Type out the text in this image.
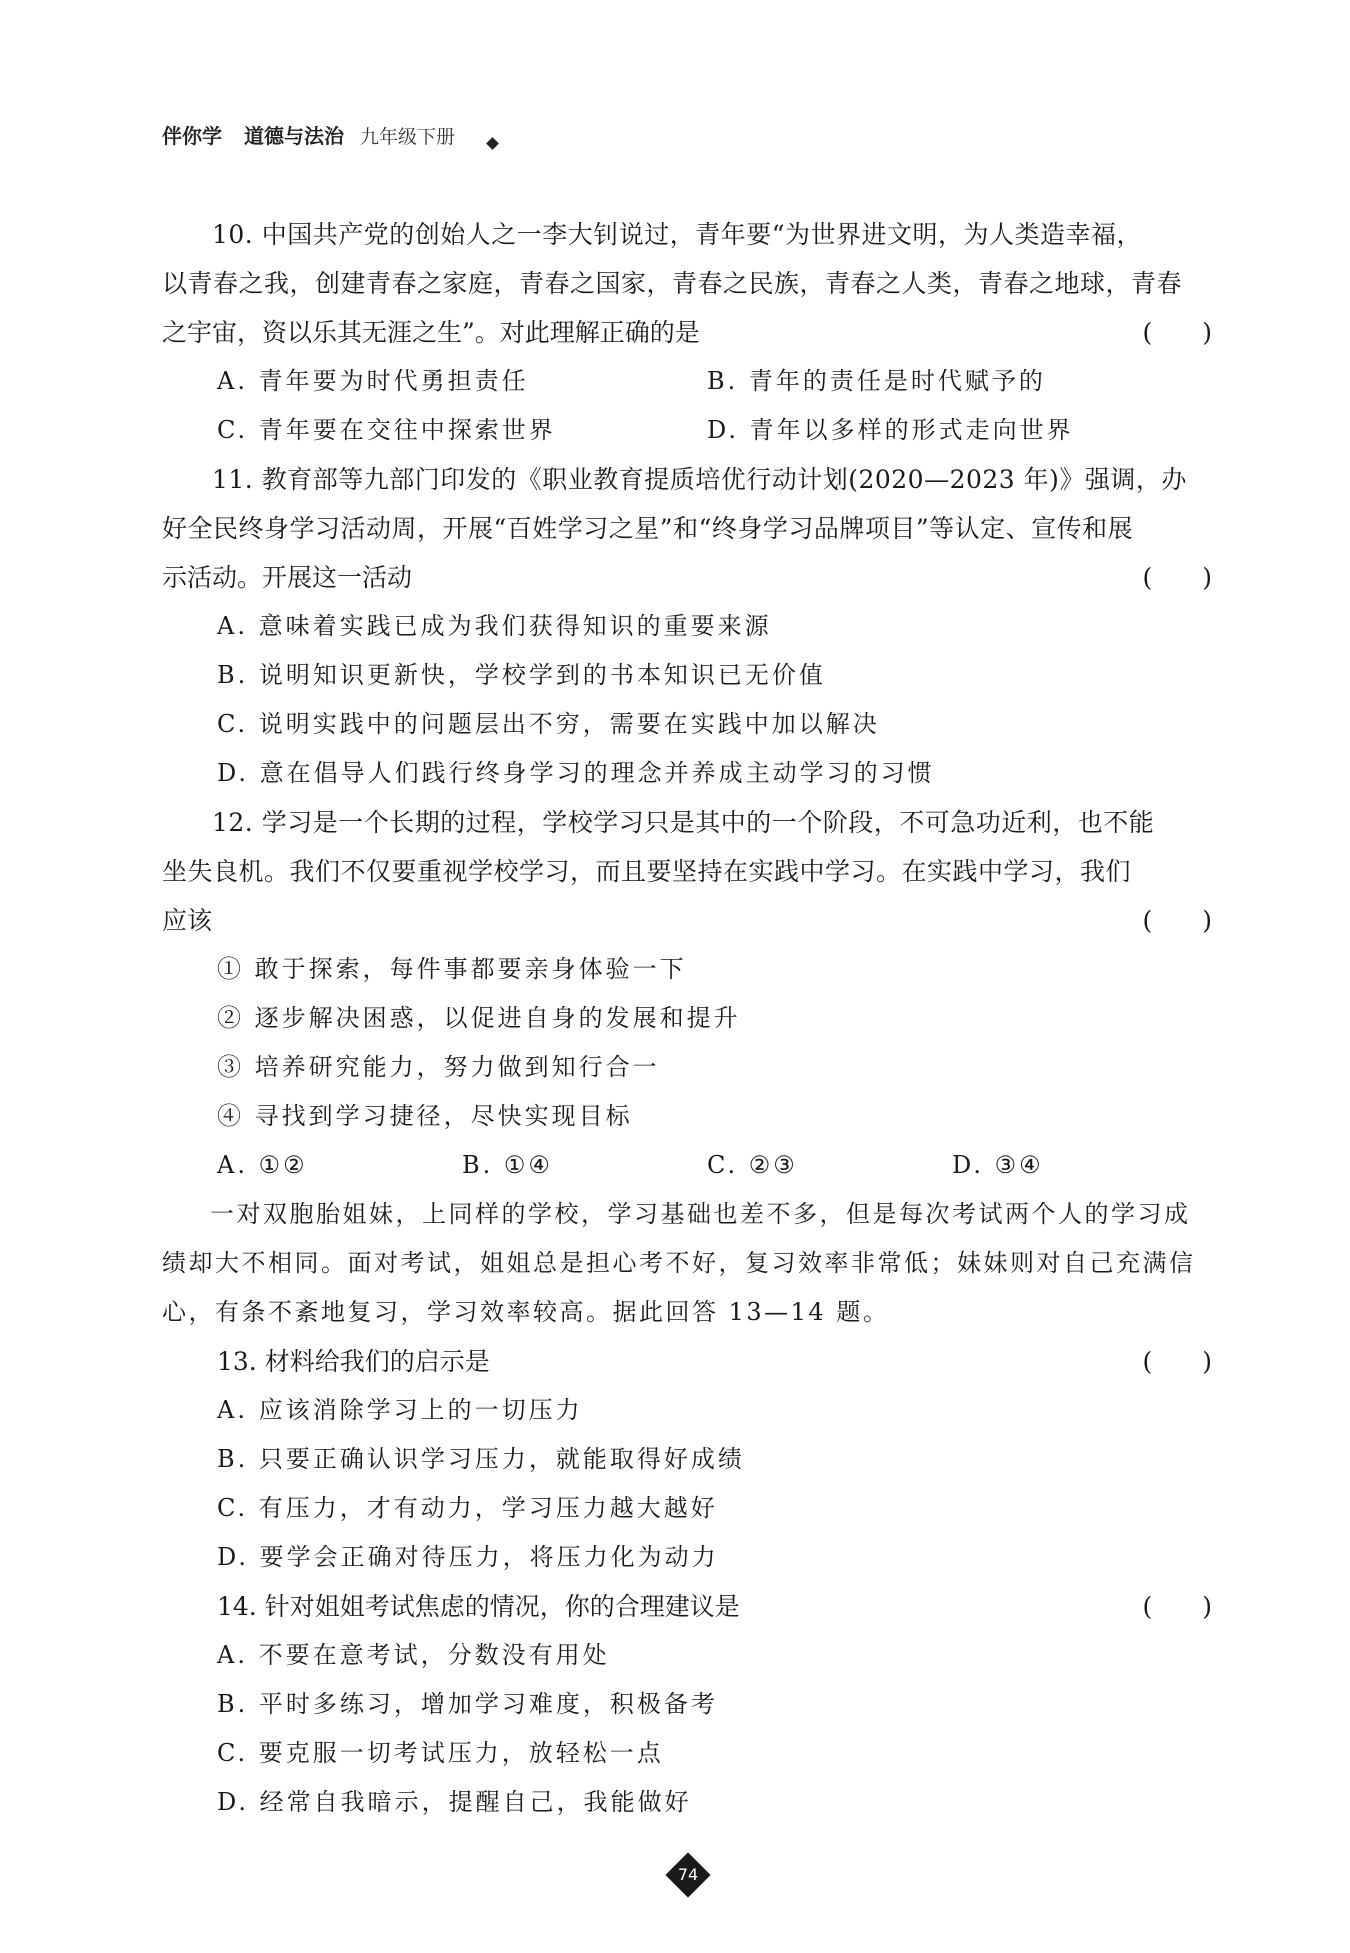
伴你学 道德与法治 九年级下册

10. 中国共产党的创始人之一李大钊说过，青年要“为世界进文明，为人类造幸福，

以青春之我，创建青春之家庭，青春之国家，青春之民族，青春之人类，青春之地球，青春

之宇宙，资以乐其无涯之生”。对此理解正确的是	(　　)
A. 青年要为时代勇担责任	B. 青年的责任是时代赋予的
C. 青年要在交往中探索世界	D. 青年以多样的形式走向世界

11. 教育部等九部门印发的《职业教育提质培优行动计划(2020—2023 年)》强调，办

好全民终身学习活动周，开展“百姓学习之星”和“终身学习品牌项目”等认定、宣传和展

示活动。开展这一活动	(　　)

A. 意味着实践已成为我们获得知识的重要来源

B. 说明知识更新快，学校学到的书本知识已无价值

C. 说明实践中的问题层出不穷，需要在实践中加以解决

D. 意在倡导人们践行终身学习的理念并养成主动学习的习惯

12. 学习是一个长期的过程，学校学习只是其中的一个阶段，不可急功近利，也不能

坐失良机。我们不仅要重视学校学习，而且要坚持在实践中学习。在实践中学习，我们

应该	(　　)

① 敢于探索，每件事都要亲身体验一下

② 逐步解决困惑，以促进自身的发展和提升

③ 培养研究能力，努力做到知行合一

④ 寻找到学习捷径，尽快实现目标

A. ①②	B. ①④	C. ②③	D. ③④

一对双胞胎姐妹，上同样的学校，学习基础也差不多，但是每次考试两个人的学习成

绩却大不相同。面对考试，姐姐总是担心考不好，复习效率非常低；妹妹则对自己充满信

心，有条不紊地复习，学习效率较高。据此回答 13—14 题。

13. 材料给我们的启示是	(　　)

A. 应该消除学习上的一切压力

B. 只要正确认识学习压力，就能取得好成绩

C. 有压力，才有动力，学习压力越大越好

D. 要学会正确对待压力，将压力化为动力

14. 针对姐姐考试焦虑的情况，你的合理建议是	(　　)

A. 不要在意考试，分数没有用处

B. 平时多练习，增加学习难度，积极备考

C. 要克服一切考试压力，放轻松一点

D. 经常自我暗示，提醒自己，我能做好

74
